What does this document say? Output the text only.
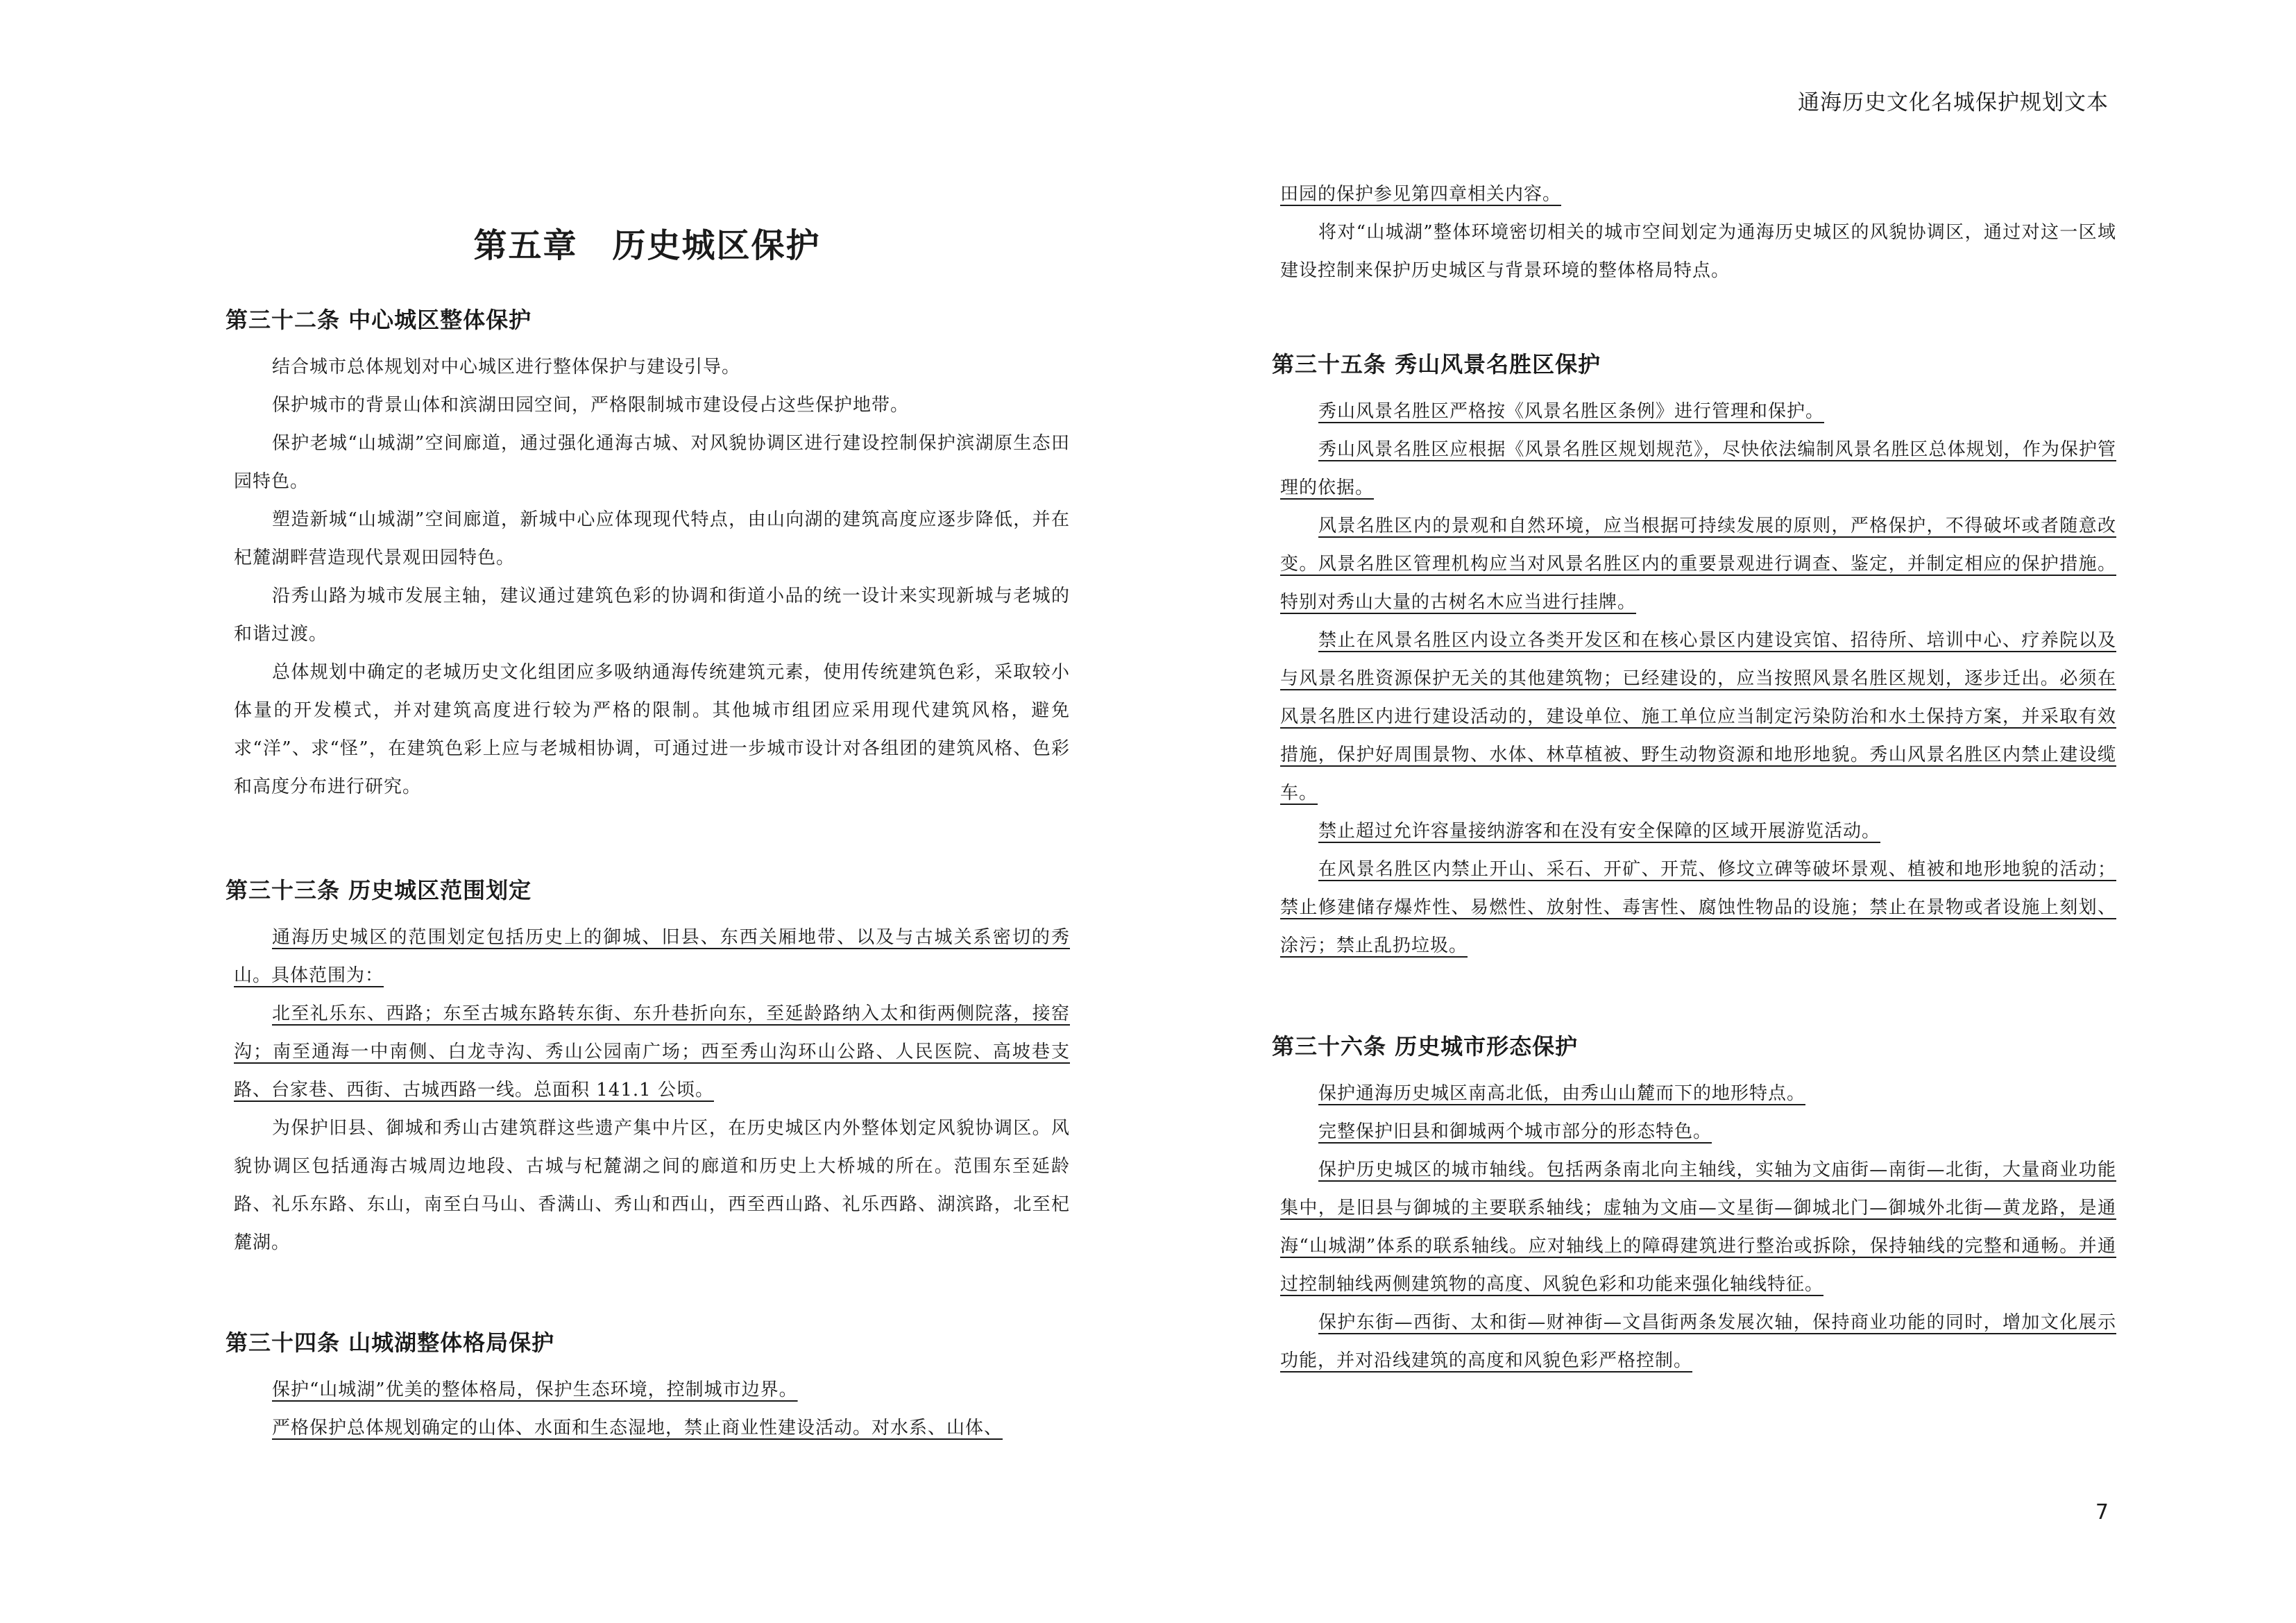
通海历史文化名城保护规划文本
第五章　历史城区保护
第三十二条 中心城区整体保护
结合城市总体规划对中心城区进行整体保护与建设引导。
保护城市的背景山体和滨湖田园空间，严格限制城市建设侵占这些保护地带。
保护老城“山城湖”空间廊道，通过强化通海古城、对风貌协调区进行建设控制保护滨湖原生态田园特色。
塑造新城“山城湖”空间廊道，新城中心应体现现代特点，由山向湖的建筑高度应逐步降低，并在杞麓湖畔营造现代景观田园特色。
沿秀山路为城市发展主轴，建议通过建筑色彩的协调和街道小品的统一设计来实现新城与老城的和谐过渡。
总体规划中确定的老城历史文化组团应多吸纳通海传统建筑元素，使用传统建筑色彩，采取较小体量的开发模式，并对建筑高度进行较为严格的限制。其他城市组团应采用现代建筑风格，避免求“洋”、求“怪”，在建筑色彩上应与老城相协调，可通过进一步城市设计对各组团的建筑风格、色彩和高度分布进行研究。
第三十三条 历史城区范围划定
通海历史城区的范围划定包括历史上的御城、旧县、东西关厢地带、以及与古城关系密切的秀山。具体范围为：
北至礼乐东、西路；东至古城东路转东街、东升巷折向东，至延龄路纳入太和街两侧院落，接窑沟；南至通海一中南侧、白龙寺沟、秀山公园南广场；西至秀山沟环山公路、人民医院、高坡巷支路、台家巷、西街、古城西路一线。总面积 141.1 公顷。
为保护旧县、御城和秀山古建筑群这些遗产集中片区，在历史城区内外整体划定风貌协调区。风貌协调区包括通海古城周边地段、古城与杞麓湖之间的廊道和历史上大桥城的所在。范围东至延龄路、礼乐东路、东山，南至白马山、香满山、秀山和西山，西至西山路、礼乐西路、湖滨路，北至杞麓湖。
第三十四条 山城湖整体格局保护
保护“山城湖”优美的整体格局，保护生态环境，控制城市边界。
严格保护总体规划确定的山体、水面和生态湿地，禁止商业性建设活动。对水系、山体、
田园的保护参见第四章相关内容。
将对“山城湖”整体环境密切相关的城市空间划定为通海历史城区的风貌协调区，通过对这一区域建设控制来保护历史城区与背景环境的整体格局特点。
第三十五条 秀山风景名胜区保护
秀山风景名胜区严格按《风景名胜区条例》进行管理和保护。
秀山风景名胜区应根据《风景名胜区规划规范》，尽快依法编制风景名胜区总体规划，作为保护管理的依据。
风景名胜区内的景观和自然环境，应当根据可持续发展的原则，严格保护，不得破坏或者随意改变。风景名胜区管理机构应当对风景名胜区内的重要景观进行调查、鉴定，并制定相应的保护措施。特别对秀山大量的古树名木应当进行挂牌。
禁止在风景名胜区内设立各类开发区和在核心景区内建设宾馆、招待所、培训中心、疗养院以及与风景名胜资源保护无关的其他建筑物；已经建设的，应当按照风景名胜区规划，逐步迁出。必须在风景名胜区内进行建设活动的，建设单位、施工单位应当制定污染防治和水土保持方案，并采取有效措施，保护好周围景物、水体、林草植被、野生动物资源和地形地貌。秀山风景名胜区内禁止建设缆车。
禁止超过允许容量接纳游客和在没有安全保障的区域开展游览活动。
在风景名胜区内禁止开山、采石、开矿、开荒、修坟立碑等破坏景观、植被和地形地貌的活动；禁止修建储存爆炸性、易燃性、放射性、毒害性、腐蚀性物品的设施；禁止在景物或者设施上刻划、涂污；禁止乱扔垃圾。
第三十六条 历史城市形态保护
保护通海历史城区南高北低，由秀山山麓而下的地形特点。
完整保护旧县和御城两个城市部分的形态特色。
保护历史城区的城市轴线。包括两条南北向主轴线，实轴为文庙街—南街—北街，大量商业功能集中，是旧县与御城的主要联系轴线；虚轴为文庙—文星街—御城北门—御城外北街—黄龙路，是通海“山城湖”体系的联系轴线。应对轴线上的障碍建筑进行整治或拆除，保持轴线的完整和通畅。并通过控制轴线两侧建筑物的高度、风貌色彩和功能来强化轴线特征。
保护东街—西街、太和街—财神街—文昌街两条发展次轴，保持商业功能的同时，增加文化展示功能，并对沿线建筑的高度和风貌色彩严格控制。
7
